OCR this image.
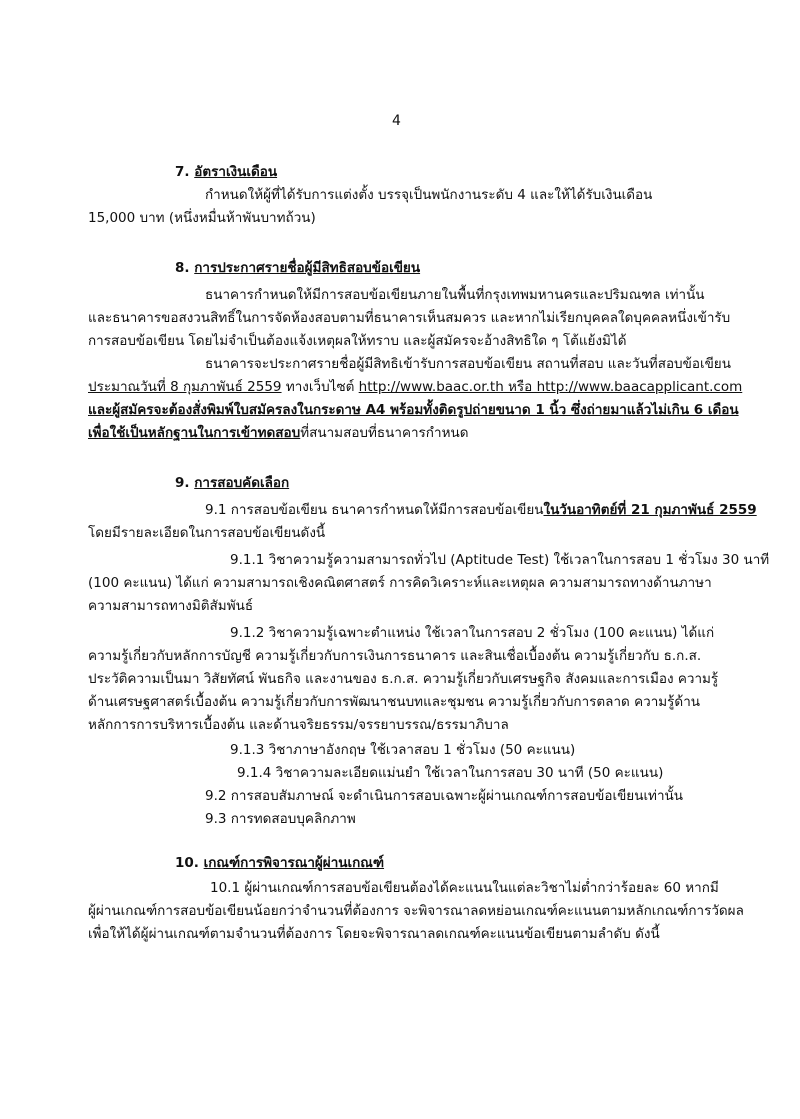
4
7. อัตราเงินเดือน
กำหนดให้ผู้ที่ได้รับการแต่งตั้ง บรรจุเป็นพนักงานระดับ 4 และให้ได้รับเงินเดือน
15,000 บาท (หนึ่งหมื่นห้าพันบาทถ้วน)
8. การประกาศรายชื่อผู้มีสิทธิสอบข้อเขียน
ธนาคารกำหนดให้มีการสอบข้อเขียนภายในพื้นที่กรุงเทพมหานครและปริมณฑล เท่านั้น
และธนาคารขอสงวนสิทธิ์ในการจัดห้องสอบตามที่ธนาคารเห็นสมควร และหากไม่เรียกบุคคลใดบุคคลหนึ่งเข้ารับ
การสอบข้อเขียน โดยไม่จำเป็นต้องแจ้งเหตุผลให้ทราบ และผู้สมัครจะอ้างสิทธิใด ๆ โต้แย้งมิได้
ธนาคารจะประกาศรายชื่อผู้มีสิทธิเข้ารับการสอบข้อเขียน สถานที่สอบ และวันที่สอบข้อเขียน
ประมาณวันที่ 8 กุมภาพันธ์ 2559 ทางเว็บไซต์ http://www.baac.or.th หรือ http://www.baacapplicant.com
และผู้สมัครจะต้องสั่งพิมพ์ใบสมัครลงในกระดาษ A4 พร้อมทั้งติดรูปถ่ายขนาด 1 นิ้ว ซึ่งถ่ายมาแล้วไม่เกิน 6 เดือน
เพื่อใช้เป็นหลักฐานในการเข้าทดสอบที่สนามสอบที่ธนาคารกำหนด
9. การสอบคัดเลือก
9.1 การสอบข้อเขียน ธนาคารกำหนดให้มีการสอบข้อเขียนในวันอาทิตย์ที่ 21 กุมภาพันธ์ 2559
โดยมีรายละเอียดในการสอบข้อเขียนดังนี้
9.1.1 วิชาความรู้ความสามารถทั่วไป (Aptitude Test) ใช้เวลาในการสอบ 1 ชั่วโมง 30 นาที
(100 คะแนน) ได้แก่ ความสามารถเชิงคณิตศาสตร์ การคิดวิเคราะห์และเหตุผล ความสามารถทางด้านภาษา
ความสามารถทางมิติสัมพันธ์
9.1.2 วิชาความรู้เฉพาะตำแหน่ง ใช้เวลาในการสอบ 2 ชั่วโมง (100 คะแนน) ได้แก่
ความรู้เกี่ยวกับหลักการบัญชี ความรู้เกี่ยวกับการเงินการธนาคาร และสินเชื่อเบื้องต้น ความรู้เกี่ยวกับ ธ.ก.ส.
ประวัติความเป็นมา วิสัยทัศน์ พันธกิจ และงานของ ธ.ก.ส. ความรู้เกี่ยวกับเศรษฐกิจ สังคมและการเมือง ความรู้
ด้านเศรษฐศาสตร์เบื้องต้น ความรู้เกี่ยวกับการพัฒนาชนบทและชุมชน ความรู้เกี่ยวกับการตลาด ความรู้ด้าน
หลักการการบริหารเบื้องต้น และด้านจริยธรรม/จรรยาบรรณ/ธรรมาภิบาล
9.1.3 วิชาภาษาอังกฤษ ใช้เวลาสอบ 1 ชั่วโมง (50 คะแนน)
9.1.4 วิชาความละเอียดแม่นยำ ใช้เวลาในการสอบ 30 นาที (50 คะแนน)
9.2 การสอบสัมภาษณ์ จะดำเนินการสอบเฉพาะผู้ผ่านเกณฑ์การสอบข้อเขียนเท่านั้น
9.3 การทดสอบบุคลิกภาพ
10. เกณฑ์การพิจารณาผู้ผ่านเกณฑ์
10.1 ผู้ผ่านเกณฑ์การสอบข้อเขียนต้องได้คะแนนในแต่ละวิชาไม่ต่ำกว่าร้อยละ 60 หากมี
ผู้ผ่านเกณฑ์การสอบข้อเขียนน้อยกว่าจำนวนที่ต้องการ จะพิจารณาลดหย่อนเกณฑ์คะแนนตามหลักเกณฑ์การวัดผล
เพื่อให้ได้ผู้ผ่านเกณฑ์ตามจำนวนที่ต้องการ โดยจะพิจารณาลดเกณฑ์คะแนนข้อเขียนตามลำดับ ดังนี้
